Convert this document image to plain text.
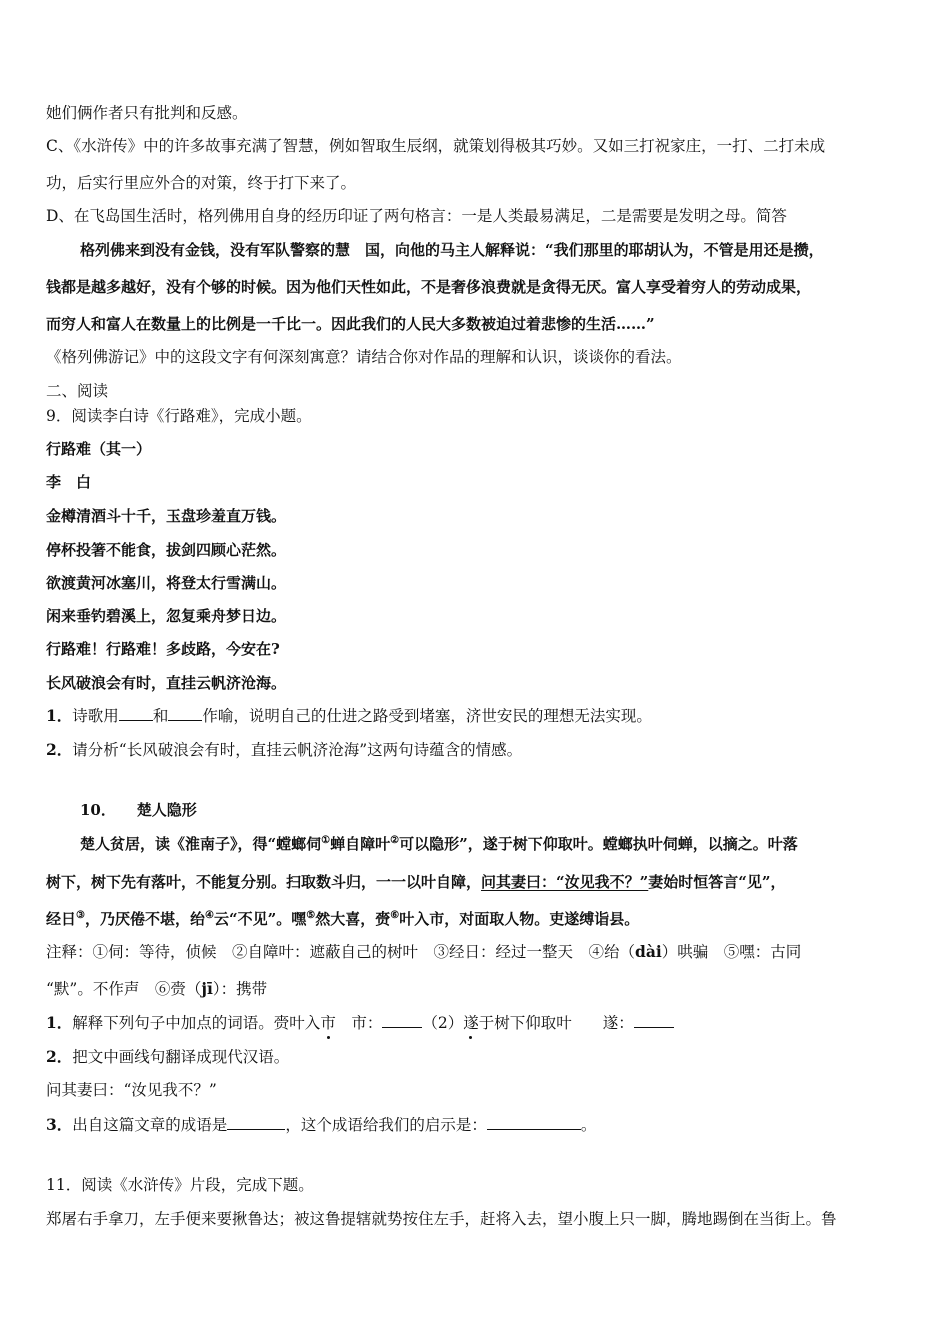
她们俩作者只有批判和反感。
C、《水浒传》中的许多故事充满了智慧，例如智取生辰纲，就策划得极其巧妙。又如三打祝家庄，一打、二打未成
功，后实行里应外合的对策，终于打下来了。
D、在飞岛国生活时，格列佛用自身的经历印证了两句格言：一是人类最易满足，二是需要是发明之母。简答
格列佛来到没有金钱，没有军队警察的慧　国，向他的马主人解释说：“我们那里的耶胡认为，不管是用还是攒，
钱都是越多越好，没有个够的时候。因为他们天性如此，不是奢侈浪费就是贪得无厌。富人享受着穷人的劳动成果，
而穷人和富人在数量上的比例是一千比一。因此我们的人民大多数被迫过着悲惨的生活……”
《格列佛游记》中的这段文字有何深刻寓意？请结合你对作品的理解和认识，谈谈你的看法。
二、阅读
9．阅读李白诗《行路难》，完成小题。
行路难（其一）
李　白
金樽清酒斗十千，玉盘珍羞直万钱。
停杯投箸不能食，拔剑四顾心茫然。
欲渡黄河冰塞川，将登太行雪满山。
闲来垂钓碧溪上，忽复乘舟梦日边。
行路难！行路难！多歧路，今安在?
长风破浪会有时，直挂云帆济沧海。
1．诗歌用 和 作喻，说明自己的仕进之路受到堵塞，济世安民的理想无法实现。
2．请分析“长风破浪会有时，直挂云帆济沧海”这两句诗蕴含的情感。
10． 楚人隐形
楚人贫居，读《淮南子》，得“螳螂伺①蝉自障叶②可以隐形”，遂于树下仰取叶。螳螂执叶伺蝉，以摘之。叶落
树下，树下先有落叶，不能复分别。扫取数斗归，一一以叶自障，问其妻曰：“汝见我不？”妻始时恒答言“见”，
经日③，乃厌倦不堪，绐④云“不见”。嘿⑤然大喜，赍⑥叶入市，对面取人物。吏遂缚诣县。
注释：①伺：等待，侦候　②自障叶：遮蔽自己的树叶　③经日：经过一整天　④绐（dài）哄骗　⑤嘿：古同
“默”。不作声　⑥赍（jī）：携带
1．解释下列句子中加点的词语。赍叶入市　市：	（2）遂于树下仰取叶　　遂：
2．把文中画线句翻译成现代汉语。
问其妻曰：“汝见我不？”
3．出自这篇文章的成语是	，这个成语给我们的启示是：	。
11．阅读《水浒传》片段，完成下题。
郑屠右手拿刀，左手便来要揪鲁达；被这鲁提辖就势按住左手，赶将入去，望小腹上只一脚，腾地踢倒在当街上。鲁
